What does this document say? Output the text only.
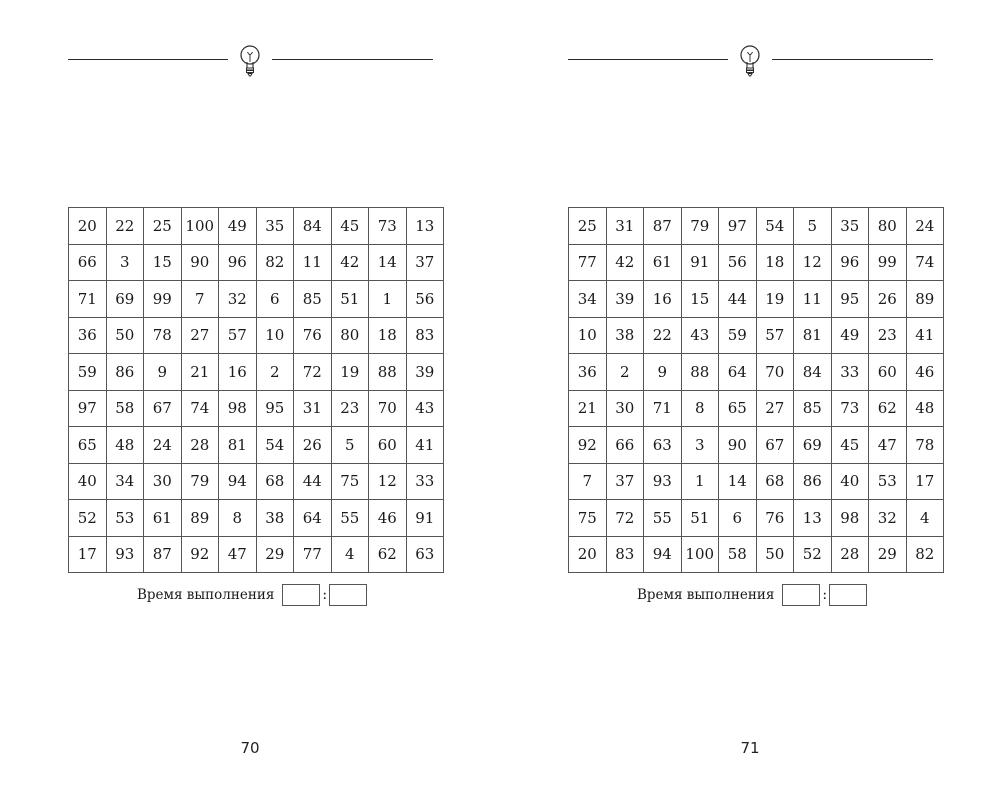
20	22	25	100	49	35	84	45	73	13
66	3	15	90	96	82	11	42	14	37
71	69	99	7	32	6	85	51	1	56
36	50	78	27	57	10	76	80	18	83
59	86	9	21	16	2	72	19	88	39
97	58	67	74	98	95	31	23	70	43
65	48	24	28	81	54	26	5	60	41
40	34	30	79	94	68	44	75	12	33
52	53	61	89	8	38	64	55	46	91
17	93	87	92	47	29	77	4	62	63
Время выполнения	:
70
25	31	87	79	97	54	5	35	80	24
77	42	61	91	56	18	12	96	99	74
34	39	16	15	44	19	11	95	26	89
10	38	22	43	59	57	81	49	23	41
36	2	9	88	64	70	84	33	60	46
21	30	71	8	65	27	85	73	62	48
92	66	63	3	90	67	69	45	47	78
7	37	93	1	14	68	86	40	53	17
75	72	55	51	6	76	13	98	32	4
20	83	94	100	58	50	52	28	29	82
Время выполнения	:
71
